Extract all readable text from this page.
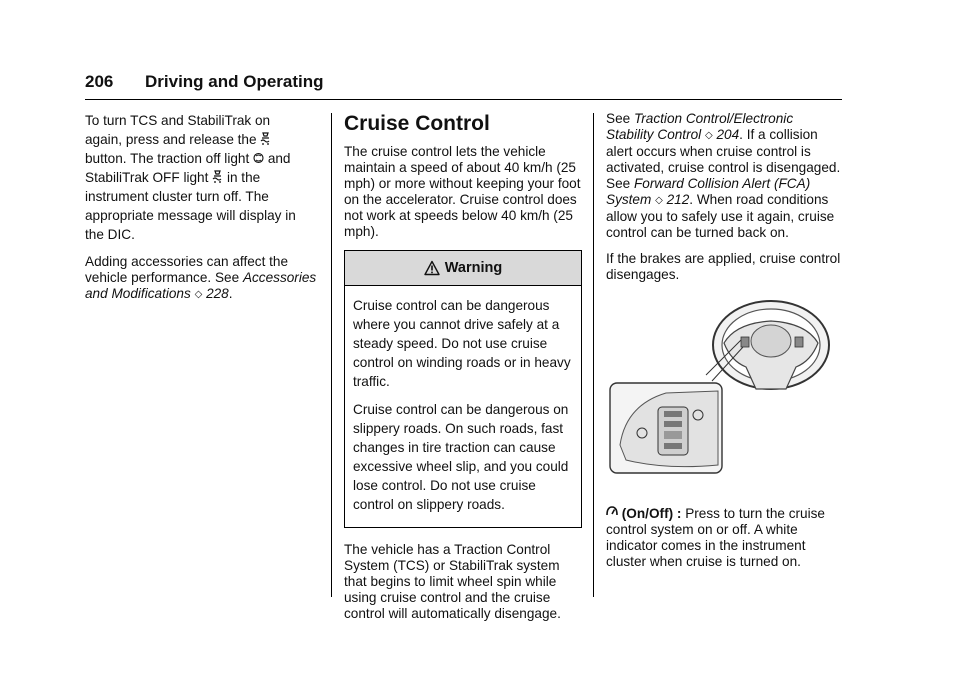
206 Driving and Operating

To turn TCS and StabiliTrak on
again, press and release the
button. The traction off light and
StabiliTrak OFF light in the
instrument cluster turn off. The appropriate message will display in the DIC.

Adding accessories can affect the vehicle performance. See Accessories and Modifications ◇ 228.

Cruise Control

The cruise control lets the vehicle maintain a speed of about 40 km/h (25 mph) or more without keeping your foot on the accelerator. Cruise control does not work at speeds below 40 km/h (25 mph).

Warning

Cruise control can be dangerous where you cannot drive safely at a steady speed. Do not use cruise control on winding roads or in heavy traffic.

Cruise control can be dangerous on slippery roads. On such roads, fast changes in tire traction can cause excessive wheel slip, and you could lose control. Do not use cruise control on slippery roads.

The vehicle has a Traction Control System (TCS) or StabiliTrak system that begins to limit wheel spin while using cruise control and the cruise control will automatically disengage.

See Traction Control/Electronic Stability Control ◇ 204. If a collision alert occurs when cruise control is activated, cruise control is disengaged. See Forward Collision Alert (FCA) System ◇ 212. When road conditions allow you to safely use it again, cruise control can be turned back on.

If the brakes are applied, cruise control disengages.

(On/Off) : Press to turn the cruise control system on or off. A white indicator comes in the instrument cluster when cruise is turned on.
